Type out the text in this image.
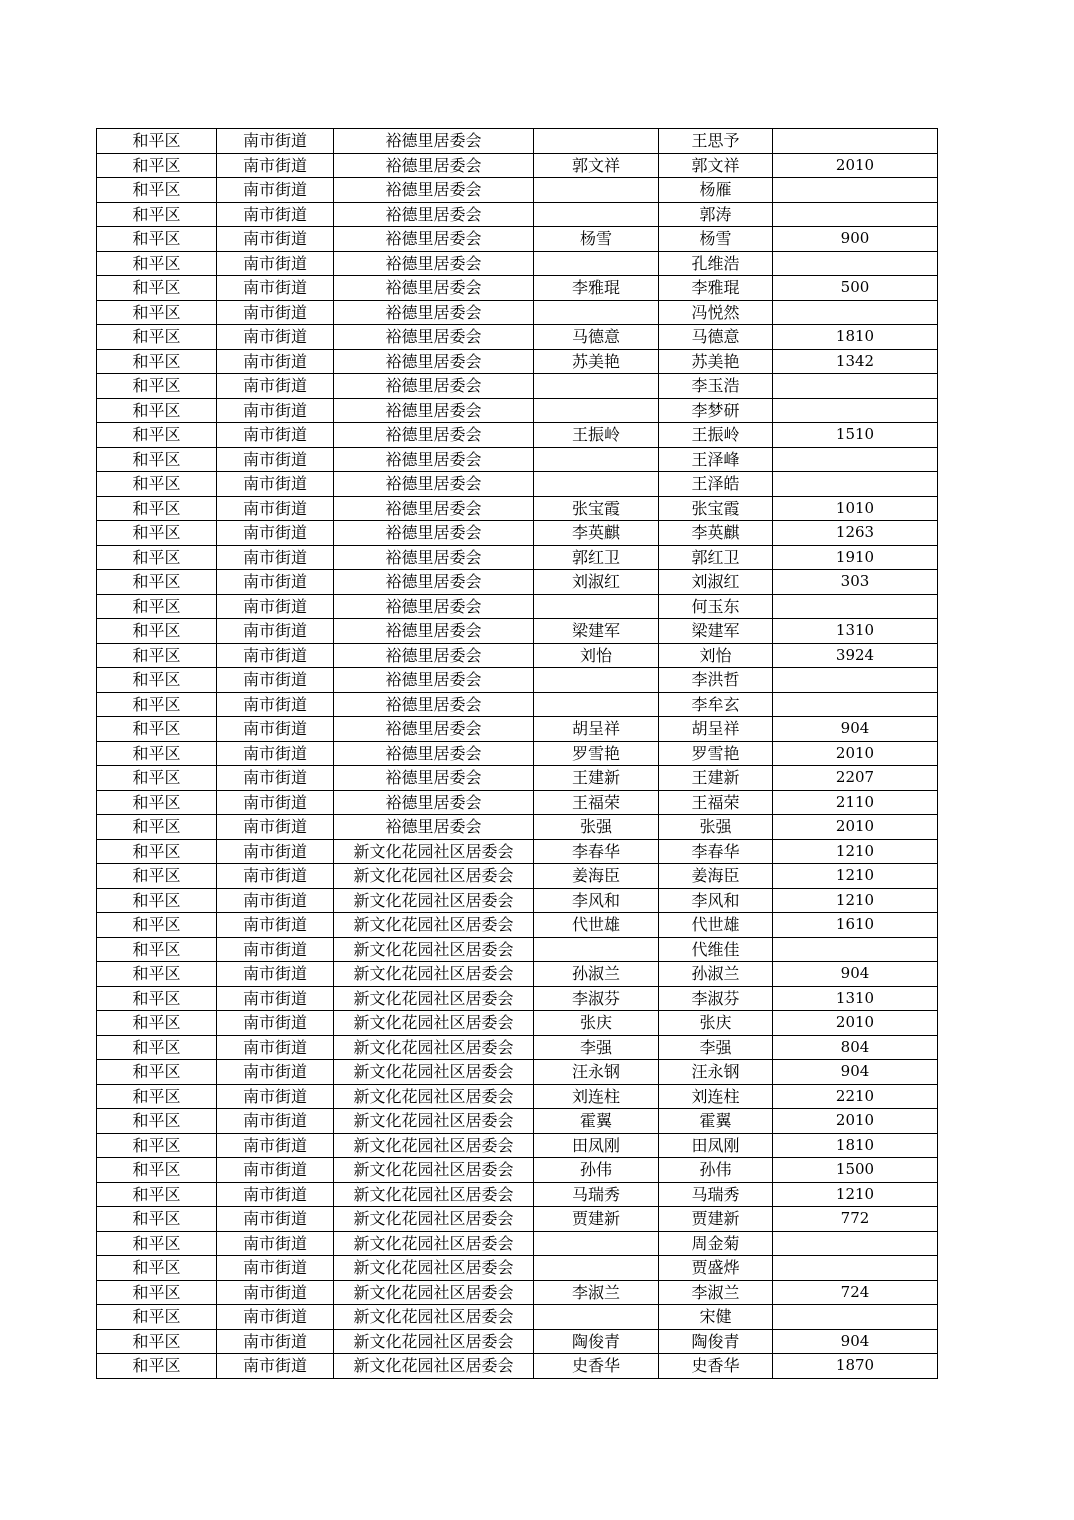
和平区	南市街道	裕德里居委会		王思予	
和平区	南市街道	裕德里居委会	郭文祥	郭文祥	2010
和平区	南市街道	裕德里居委会		杨雁	
和平区	南市街道	裕德里居委会		郭涛	
和平区	南市街道	裕德里居委会	杨雪	杨雪	900
和平区	南市街道	裕德里居委会		孔维浩	
和平区	南市街道	裕德里居委会	李雅琨	李雅琨	500
和平区	南市街道	裕德里居委会		冯悦然	
和平区	南市街道	裕德里居委会	马德意	马德意	1810
和平区	南市街道	裕德里居委会	苏美艳	苏美艳	1342
和平区	南市街道	裕德里居委会		李玉浩	
和平区	南市街道	裕德里居委会		李梦研	
和平区	南市街道	裕德里居委会	王振岭	王振岭	1510
和平区	南市街道	裕德里居委会		王泽峰	
和平区	南市街道	裕德里居委会		王泽皓	
和平区	南市街道	裕德里居委会	张宝霞	张宝霞	1010
和平区	南市街道	裕德里居委会	李英麒	李英麒	1263
和平区	南市街道	裕德里居委会	郭红卫	郭红卫	1910
和平区	南市街道	裕德里居委会	刘淑红	刘淑红	303
和平区	南市街道	裕德里居委会		何玉东	
和平区	南市街道	裕德里居委会	梁建军	梁建军	1310
和平区	南市街道	裕德里居委会	刘怡	刘怡	3924
和平区	南市街道	裕德里居委会		李洪哲	
和平区	南市街道	裕德里居委会		李牟玄	
和平区	南市街道	裕德里居委会	胡呈祥	胡呈祥	904
和平区	南市街道	裕德里居委会	罗雪艳	罗雪艳	2010
和平区	南市街道	裕德里居委会	王建新	王建新	2207
和平区	南市街道	裕德里居委会	王福荣	王福荣	2110
和平区	南市街道	裕德里居委会	张强	张强	2010
和平区	南市街道	新文化花园社区居委会	李春华	李春华	1210
和平区	南市街道	新文化花园社区居委会	姜海臣	姜海臣	1210
和平区	南市街道	新文化花园社区居委会	李风和	李风和	1210
和平区	南市街道	新文化花园社区居委会	代世雄	代世雄	1610
和平区	南市街道	新文化花园社区居委会		代维佳	
和平区	南市街道	新文化花园社区居委会	孙淑兰	孙淑兰	904
和平区	南市街道	新文化花园社区居委会	李淑芬	李淑芬	1310
和平区	南市街道	新文化花园社区居委会	张庆	张庆	2010
和平区	南市街道	新文化花园社区居委会	李强	李强	804
和平区	南市街道	新文化花园社区居委会	汪永钢	汪永钢	904
和平区	南市街道	新文化花园社区居委会	刘连柱	刘连柱	2210
和平区	南市街道	新文化花园社区居委会	霍翼	霍翼	2010
和平区	南市街道	新文化花园社区居委会	田凤刚	田凤刚	1810
和平区	南市街道	新文化花园社区居委会	孙伟	孙伟	1500
和平区	南市街道	新文化花园社区居委会	马瑞秀	马瑞秀	1210
和平区	南市街道	新文化花园社区居委会	贾建新	贾建新	772
和平区	南市街道	新文化花园社区居委会		周金菊	
和平区	南市街道	新文化花园社区居委会		贾盛烨	
和平区	南市街道	新文化花园社区居委会	李淑兰	李淑兰	724
和平区	南市街道	新文化花园社区居委会		宋健	
和平区	南市街道	新文化花园社区居委会	陶俊青	陶俊青	904
和平区	南市街道	新文化花园社区居委会	史香华	史香华	1870
